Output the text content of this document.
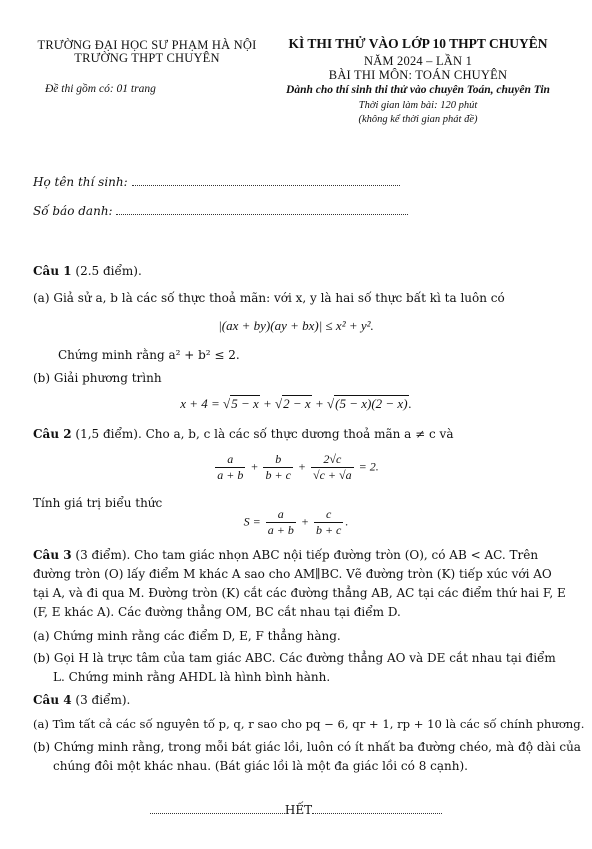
TRƯỜNG ĐẠI HỌC SƯ PHẠM HÀ NỘI
TRƯỜNG THPT CHUYÊN
Đề thi gồm có: 01 trang
KÌ THI THỬ VÀO LỚP 10 THPT CHUYÊN
NĂM 2024 – LẦN 1
BÀI THI MÔN: TOÁN CHUYÊN
Dành cho thí sinh thi thử vào chuyên Toán, chuyên Tin
Thời gian làm bài: 120 phút
(không kể thời gian phát đề)
Họ tên thí sinh:
Số báo danh:
Câu 1 (2.5 điểm).
(a) Giả sử a, b là các số thực thoả mãn: với x, y là hai số thực bất kì ta luôn có
|(ax + by)(ay + bx)| ≤ x² + y².
Chứng minh rằng a² + b² ≤ 2.
(b) Giải phương trình
x + 4 = √5 − x + √2 − x + √(5 − x)(2 − x).
Câu 2 (1,5 điểm). Cho a, b, c là các số thực dương thoả mãn a ≠ c và
$\frac{a}{a + b} + \frac{b}{b + c} + \frac{2√c}{√c + √a} = 2$.
Tính giá trị biểu thức
$S = \frac{a}{a + b} + \frac{c}{b + c}$ .
Câu 3 (3 điểm). Cho tam giác nhọn ABC nội tiếp đường tròn (O), có AB < AC. Trên
đường tròn (O) lấy điểm M khác A sao cho AM∥BC. Vẽ đường tròn (K) tiếp xúc với AO
tại A, và đi qua M. Đường tròn (K) cắt các đường thẳng AB, AC tại các điểm thứ hai F, E
(F, E khác A). Các đường thẳng OM, BC cắt nhau tại điểm D.
(a) Chứng minh rằng các điểm D, E, F thẳng hàng.
(b) Gọi H là trực tâm của tam giác ABC. Các đường thẳng AO và DE cắt nhau tại điểm
L. Chứng minh rằng AHDL là hình bình hành.
Câu 4 (3 điểm).
(a) Tìm tất cả các số nguyên tố p, q, r sao cho pq − 6, qr + 1, rp + 10 là các số chính phương.
(b) Chứng minh rằng, trong mỗi bát giác lồi, luôn có ít nhất ba đường chéo, mà độ dài của
chúng đôi một khác nhau. (Bát giác lồi là một đa giác lồi có 8 cạnh).
HẾT
